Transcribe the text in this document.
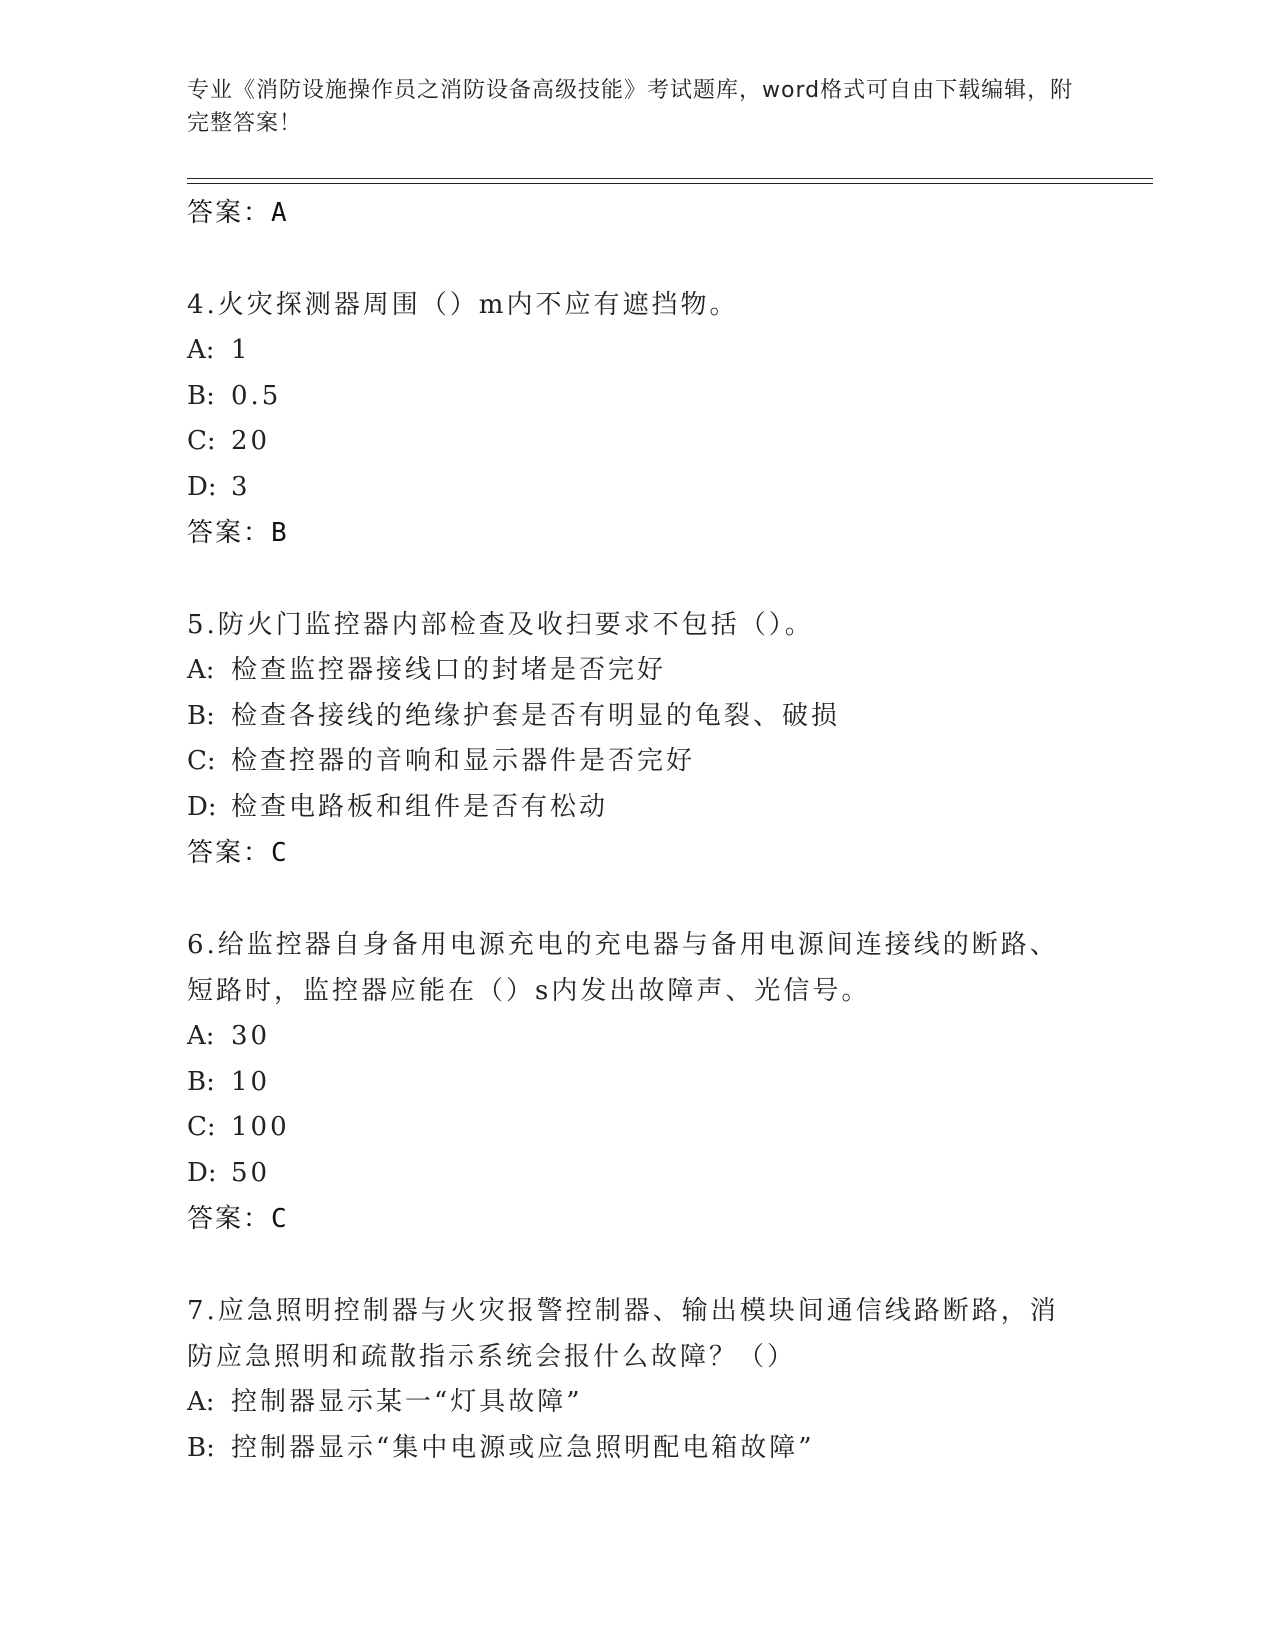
专业《消防设施操作员之消防设备高级技能》考试题库，word格式可自由下载编辑，附完整答案！
答案：A
4.火灾探测器周围（）m内不应有遮挡物。
A: 1
B: 0.5
C: 20
D: 3
答案：B
5.防火门监控器内部检查及收扫要求不包括（）。
A: 检查监控器接线口的封堵是否完好
B: 检查各接线的绝缘护套是否有明显的龟裂、破损
C: 检查控器的音响和显示器件是否完好
D: 检查电路板和组件是否有松动
答案：C
6.给监控器自身备用电源充电的充电器与备用电源间连接线的断路、短路时，监控器应能在（）s内发出故障声、光信号。
A: 30
B: 10
C: 100
D: 50
答案：C
7.应急照明控制器与火灾报警控制器、输出模块间通信线路断路，消防应急照明和疏散指示系统会报什么故障？（）
A: 控制器显示某一“灯具故障”
B: 控制器显示“集中电源或应急照明配电箱故障”
